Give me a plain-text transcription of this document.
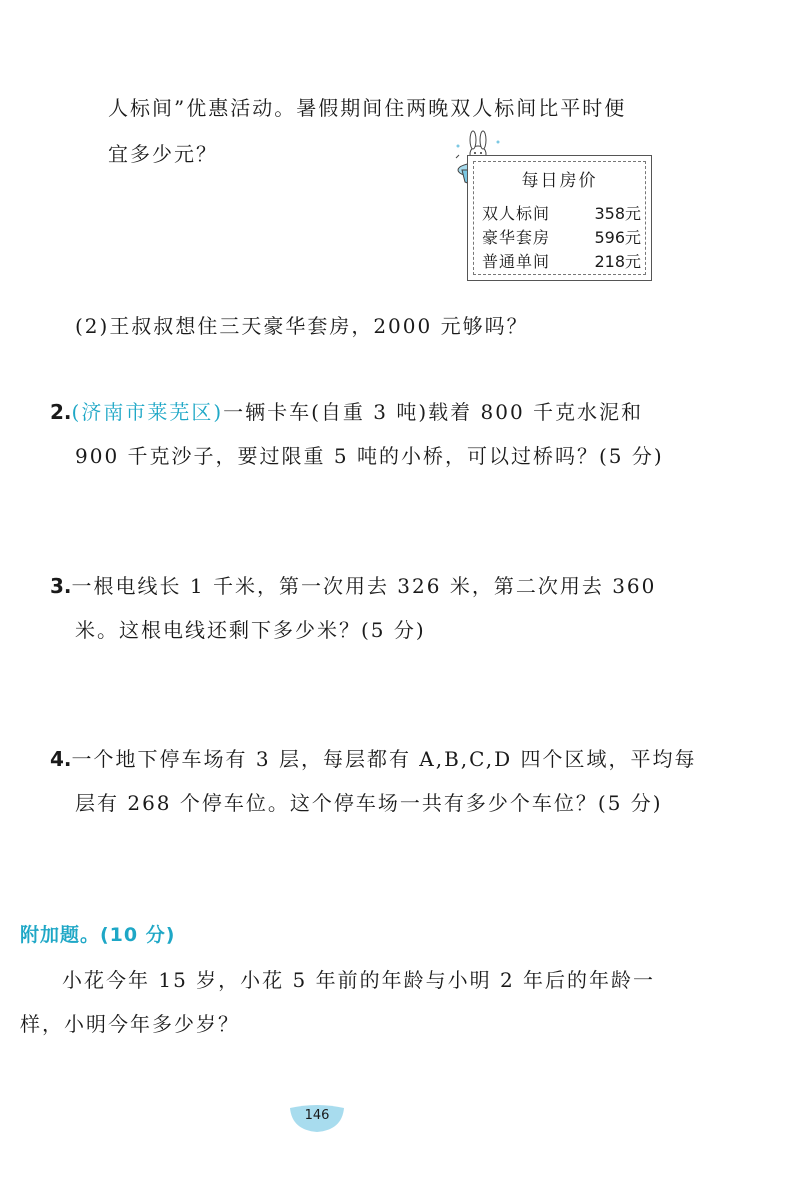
人标间”优惠活动。暑假期间住两晚双人标间比平时便
宜多少元？
每日房价
双人标间	358元
豪华套房	596元
普通单间	218元
(2)王叔叔想住三天豪华套房，2000 元够吗？
2.(济南市莱芜区)一辆卡车(自重 3 吨)载着 800 千克水泥和
900 千克沙子，要过限重 5 吨的小桥，可以过桥吗？(5 分)
3.一根电线长 1 千米，第一次用去 326 米，第二次用去 360
米。这根电线还剩下多少米？(5 分)
4.一个地下停车场有 3 层，每层都有 A,B,C,D 四个区域，平均每
层有 268 个停车位。这个停车场一共有多少个车位？(5 分)
附加题。(10 分)
小花今年 15 岁，小花 5 年前的年龄与小明 2 年后的年龄一
样，小明今年多少岁？
146
